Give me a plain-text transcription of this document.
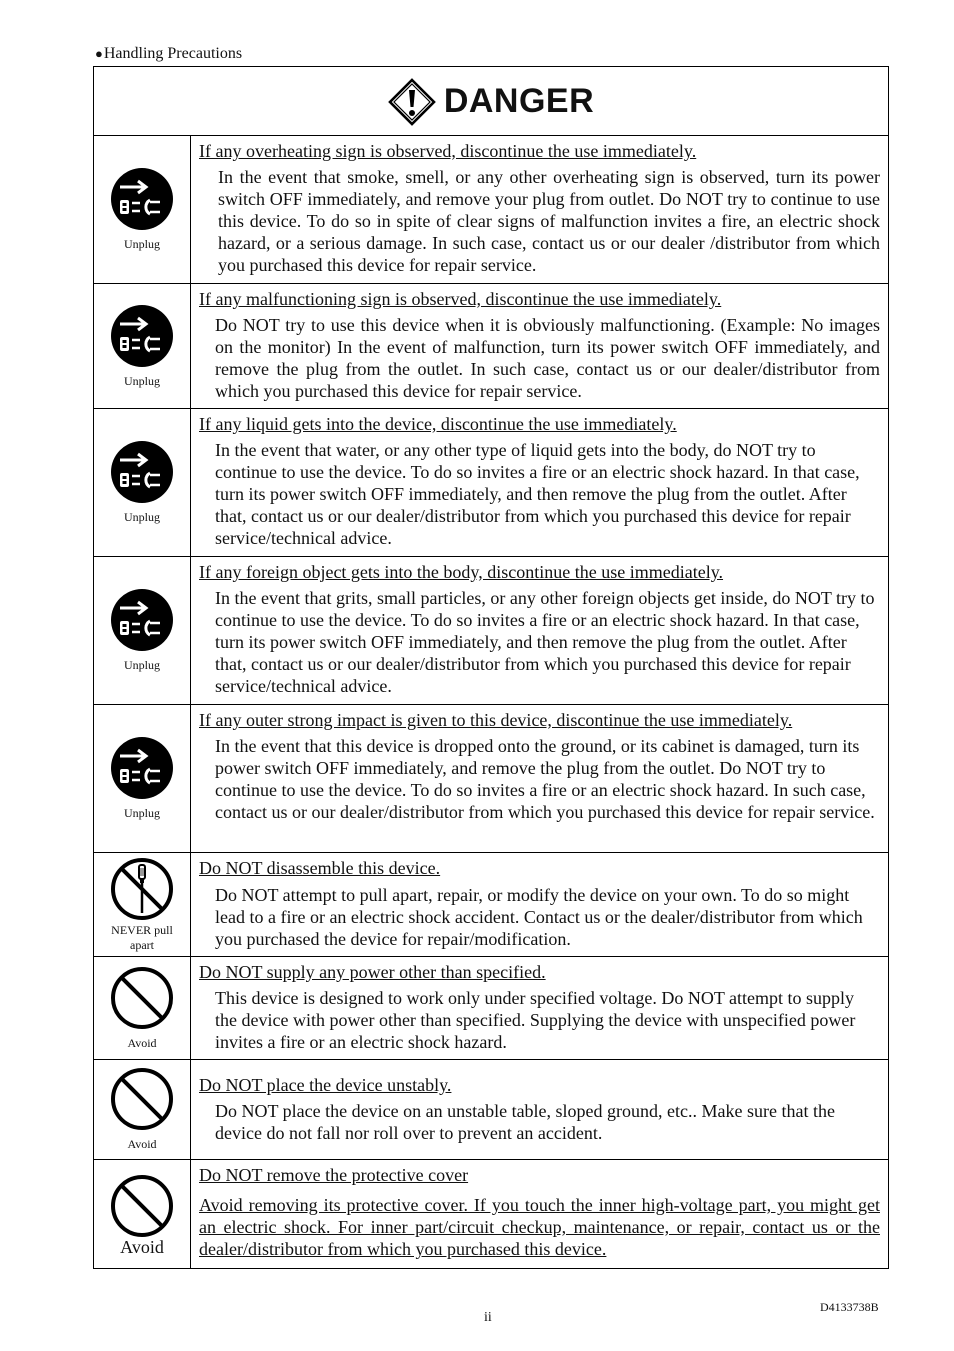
●Handling Precautions
DANGER	

Unplug	If any overheating sign is observed, discontinue the use immediately.
In the event that smoke, smell, or any other overheating sign is observed, turn its power switch OFF immediately, and remove your plug from outlet. Do NOT try to continue to use this device. To do so in spite of clear signs of malfunction invites a fire, an electric shock hazard, or a serious damage. In such case, contact us or our dealer /distributor from which you purchased this device for repair service.

Unplug	If any malfunctioning sign is observed, discontinue the use immediately.
Do NOT try to use this device when it is obviously malfunctioning. (Example: No images on the monitor) In the event of malfunction, turn its power switch OFF immediately, and remove the plug from the outlet. In such case, contact us or our dealer/distributor from which you purchased this device for repair service.

Unplug	If any liquid gets into the device, discontinue the use immediately.
In the event that water, or any other type of liquid gets into the body, do NOT try to continue to use the device. To do so invites a fire or an electric shock hazard. In that case, turn its power switch OFF immediately, and then remove the plug from the outlet. After that, contact us or our dealer/distributor from which you purchased this device for repair service/technical advice.

Unplug	If any foreign object gets into the body, discontinue the use immediately.
In the event that grits, small particles, or any other foreign objects get inside, do NOT try to continue to use the device. To do so invites a fire or an electric shock hazard. In that case, turn its power switch OFF immediately, and then remove the plug from the outlet. After that, contact us or our dealer/distributor from which you purchased this device for repair service/technical advice.

Unplug	If any outer strong impact is given to this device, discontinue the use immediately.
In the event that this device is dropped onto the ground, or its cabinet is damaged, turn its power switch OFF immediately, and remove the plug from the outlet. Do NOT try to continue to use the device. To do so invites a fire or an electric shock hazard. In such case, contact us or our dealer/distributor from which you purchased this device for repair service.

NEVER pull apart	Do NOT disassemble this device.
Do NOT attempt to pull apart, repair, or modify the device on your own. To do so might lead to a fire or an electric shock accident. Contact us or the dealer/distributor from which you purchased the device for repair/modification.

Avoid	Do NOT supply any power other than specified.
This device is designed to work only under specified voltage. Do NOT attempt to supply the device with power other than specified. Supplying the device with unspecified power invites a fire or an electric shock hazard.

Avoid	Do NOT place the device unstably.
Do NOT place the device on an unstable table, sloped ground, etc.. Make sure that the device do not fall nor roll over to prevent an accident.

Avoid	Do NOT remove the protective cover
Avoid removing its protective cover. If you touch the inner high-voltage part, you might get an electric shock. For inner part/circuit checkup, maintenance, or repair, contact us or the dealer/distributor from which you purchased this device.
ii
D4133738B
